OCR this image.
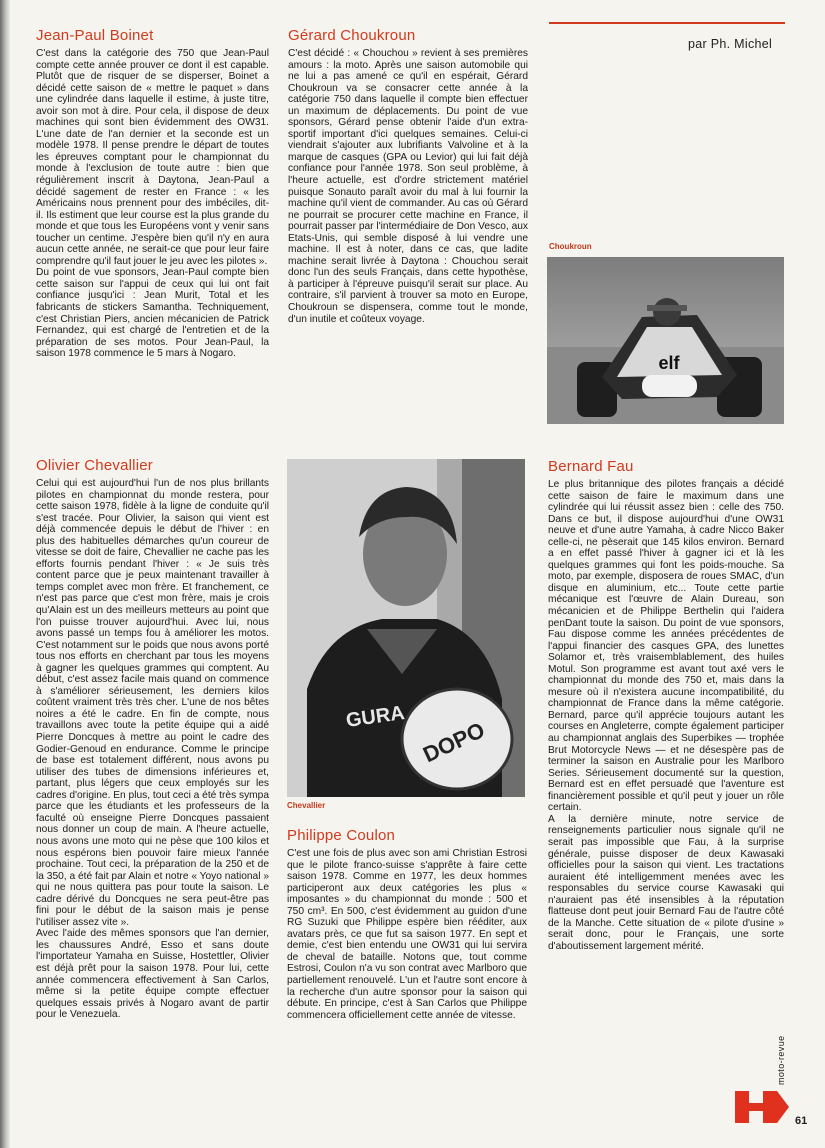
par Ph. Michel
Jean-Paul Boinet

C'est dans la catégorie des 750 que Jean-Paul compte cette année prouver ce dont il est capable. Plutôt que de risquer de se disperser, Boinet a décidé cette saison de « mettre le paquet » dans une cylindrée dans laquelle il estime, à juste titre, avoir son mot à dire. Pour cela, il dispose de deux machines qui sont bien évidemment des OW31. L'une date de l'an dernier et la seconde est un modèle 1978. Il pense prendre le départ de toutes les épreuves comptant pour le championnat du monde à l'exclusion de toute autre : bien que régulièrement inscrit à Daytona, Jean-Paul a décidé sagement de rester en France : « les Américains nous prennent pour des imbéciles, dit-il. Ils estiment que leur course est la plus grande du monde et que tous les Européens vont y venir sans toucher un centime. J'espère bien qu'il n'y en aura aucun cette année, ne serait-ce que pour leur faire comprendre qu'il faut jouer le jeu avec les pilotes ».
Du point de vue sponsors, Jean-Paul compte bien cette saison sur l'appui de ceux qui lui ont fait confiance jusqu'ici : Jean Murit, Total et les fabricants de stickers Samantha. Techniquement, c'est Christian Piers, ancien mécanicien de Patrick Fernandez, qui est chargé de l'entretien et de la préparation de ses motos. Pour Jean-Paul, la saison 1978 commence le 5 mars à Nogaro.

Gérard Choukroun

C'est décidé : « Chouchou » revient à ses premières amours : la moto. Après une saison automobile qui ne lui a pas amené ce qu'il en espérait, Gérard Choukroun va se consacrer cette année à la catégorie 750 dans laquelle il compte bien effectuer un maximum de déplacements. Du point de vue sponsors, Gérard pense obtenir l'aide d'un extra-sportif important d'ici quelques semaines. Celui-ci viendrait s'ajouter aux lubrifiants Valvoline et à la marque de casques (GPA ou Levior) qui lui fait déjà confiance pour l'année 1978. Son seul problème, à l'heure actuelle, est d'ordre strictement matériel puisque Sonauto paraît avoir du mal à lui fournir la machine qu'il vient de commander. Au cas où Gérard ne pourrait se procurer cette machine en France, il pourrait passer par l'intermédiaire de Don Vesco, aux Etats-Unis, qui semble disposé à lui vendre une machine. Il est à noter, dans ce cas, que ladite machine serait livrée à Daytona : Chouchou serait donc l'un des seuls Français, dans cette hypothèse, à participer à l'épreuve puisqu'il serait sur place. Au contraire, s'il parvient à trouver sa moto en Europe, Choukroun se dispensera, comme tout le monde, d'un inutile et coûteux voyage.

Choukroun
elf
Olivier Chevallier

Celui qui est aujourd'hui l'un de nos plus brillants pilotes en championnat du monde restera, pour cette saison 1978, fidèle à la ligne de conduite qu'il s'est tracée. Pour Olivier, la saison qui vient est déjà commencée depuis le début de l'hiver : en plus des habituelles démarches qu'un coureur de vitesse se doit de faire, Chevallier ne cache pas les efforts fournis pendant l'hiver : « Je suis très content parce que je peux maintenant travailler à temps complet avec mon frère. Et franchement, ce n'est pas parce que c'est mon frère, mais je crois qu'Alain est un des meilleurs metteurs au point que l'on puisse trouver aujourd'hui. Avec lui, nous avons passé un temps fou à améliorer les motos. C'est notamment sur le poids que nous avons porté tous nos efforts en cherchant par tous les moyens à gagner les quelques grammes qui comptent. Au début, c'est assez facile mais quand on commence à s'améliorer sérieusement, les derniers kilos coûtent vraiment très très cher. L'une de nos bêtes noires a été le cadre. En fin de compte, nous travaillons avec toute la petite équipe qui a aidé Pierre Doncques à mettre au point le cadre des Godier-Genoud en endurance. Comme le principe de base est totalement différent, nous avons pu utiliser des tubes de dimensions inférieures et, partant, plus légers que ceux employés sur les cadres d'origine. En plus, tout ceci a été très sympa parce que les étudiants et les professeurs de la faculté où enseigne Pierre Doncques passaient nous donner un coup de main. A l'heure actuelle, nous avons une moto qui ne pèse que 100 kilos et nous espérons bien pouvoir faire mieux l'année prochaine. Tout ceci, la préparation de la 250 et de la 350, a été fait par Alain et notre « Yoyo national » qui ne nous quittera pas pour toute la saison. Le cadre dérivé du Doncques ne sera peut-être pas fini pour le début de la saison mais je pense l'utiliser assez vite ».
Avec l'aide des mêmes sponsors que l'an dernier, les chaussures André, Esso et sans doute l'importateur Yamaha en Suisse, Hostettler, Olivier est déjà prêt pour la saison 1978. Pour lui, cette année commencera effectivement à San Carlos, même si la petite équipe compte effectuer quelques essais privés à Nogaro avant de partir pour le Venezuela.

GURA
DOPO
Chevallier
Philippe Coulon

C'est une fois de plus avec son ami Christian Estrosi que le pilote franco-suisse s'apprête à faire cette saison 1978. Comme en 1977, les deux hommes participeront aux deux catégories les plus « imposantes » du championnat du monde : 500 et 750 cm³. En 500, c'est évidemment au guidon d'une RG Suzuki que Philippe espère bien rééditer, aux avatars près, ce que fut sa saison 1977. En sept et demie, c'est bien entendu une OW31 qui lui servira de cheval de bataille. Notons que, tout comme Estrosi, Coulon n'a vu son contrat avec Marlboro que partiellement renouvelé. L'un et l'autre sont encore à la recherche d'un autre sponsor pour la saison qui débute. En principe, c'est à San Carlos que Philippe commencera officiellement cette année de vitesse.

Bernard Fau

Le plus britannique des pilotes français a décidé cette saison de faire le maximum dans une cylindrée qui lui réussit assez bien : celle des 750. Dans ce but, il dispose aujourd'hui d'une OW31 neuve et d'une autre Yamaha, à cadre Nicco Baker celle-ci, ne pèserait que 145 kilos environ. Bernard a en effet passé l'hiver à gagner ici et là les quelques grammes qui font les poids-mouche. Sa moto, par exemple, disposera de roues SMAC, d'un disque en aluminium, etc... Toute cette partie mécanique est l'œuvre de Alain Dureau, son mécanicien et de Philippe Berthelin qui l'aidera penDant toute la saison. Du point de vue sponsors, Fau dispose comme les années précédentes de l'appui financier des casques GPA, des lunettes Solamor et, très vraisemblablement, des huiles Motul. Son programme est avant tout axé vers le championnat du monde des 750 et, mais dans la mesure où il n'existera aucune incompatibilité, du championnat de France dans la même catégorie. Bernard, parce qu'il apprécie toujours autant les courses en Angleterre, compte également participer au championnat anglais des Superbikes — trophée Brut Motorcycle News — et ne désespère pas de terminer la saison en Australie pour les Marlboro Series. Sérieusement documenté sur la question, Bernard est en effet persuadé que l'aventure est financièrement possible et qu'il peut y jouer un rôle certain.
A la dernière minute, notre service de renseignements particulier nous signale qu'il ne serait pas impossible que Fau, à la surprise générale, puisse disposer de deux Kawasaki officielles pour la saison qui vient. Les tractations auraient été intelligemment menées avec les responsables du service course Kawasaki qui n'auraient pas été insensibles à la réputation flatteuse dont peut jouir Bernard Fau de l'autre côté de la Manche. Cette situation de « pilote d'usine » serait donc, pour le Français, une sorte d'aboutissement largement mérité.

moto-revue
61
